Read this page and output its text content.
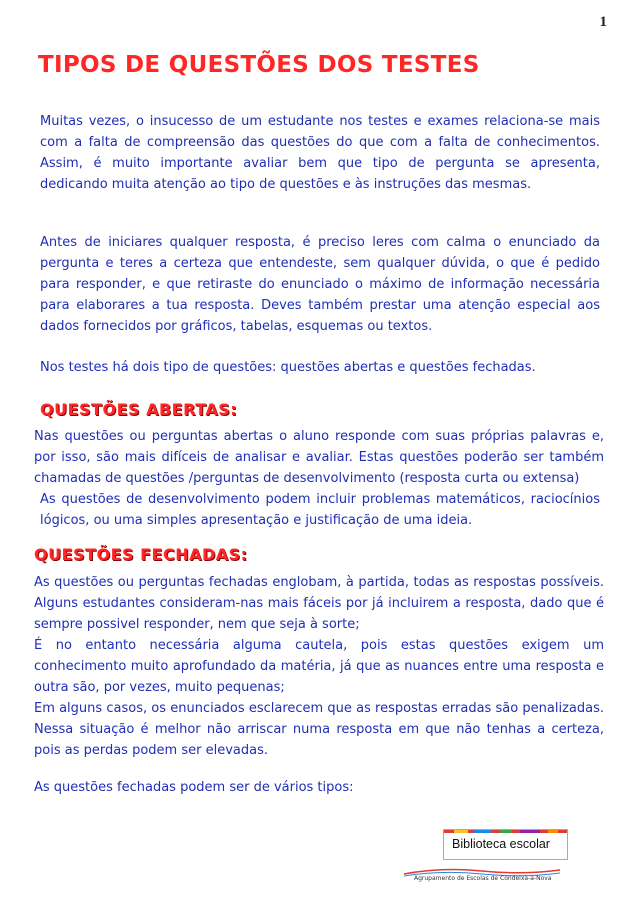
1
TIPOS DE QUESTÕES DOS TESTES

Muitas vezes, o insucesso de um estudante nos testes e exames relaciona-se mais com a falta de compreensão das questões do que com a falta de conhecimentos. Assim, é muito importante avaliar bem que tipo de pergunta se apresenta, dedicando muita atenção ao tipo de questões e às instruções das mesmas.

Antes de iniciares qualquer resposta, é preciso leres com calma o enunciado da pergunta e teres a certeza que entendeste, sem qualquer dúvida, o que é pedido para responder, e que retiraste do enunciado o máximo de informação necessária para elaborares a tua resposta. Deves também prestar uma atenção especial aos dados fornecidos por gráficos, tabelas, esquemas ou textos.

Nos testes há dois tipo de questões: questões abertas e questões fechadas.

QUESTÕES ABERTAS:

Nas questões ou perguntas abertas o aluno responde com suas próprias palavras e, por isso, são mais difíceis de analisar e avaliar. Estas questões poderão ser também chamadas de questões /perguntas de desenvolvimento (resposta curta ou extensa)

As questões de desenvolvimento podem incluir problemas matemáticos, raciocínios lógicos, ou uma simples apresentação e justificação de uma ideia.

QUESTÕES FECHADAS:

As questões ou perguntas fechadas englobam, à partida, todas as respostas possíveis. Alguns estudantes consideram-nas mais fáceis por já incluirem a resposta, dado que é sempre possivel responder, nem que seja à sorte;

É no entanto necessária alguma cautela, pois estas questões exigem um conhecimento muito aprofundado da matéria, já que as nuances entre uma resposta e outra são, por vezes, muito pequenas;

Em alguns casos, os enunciados esclarecem que as respostas erradas são penalizadas. Nessa situação é melhor não arriscar numa resposta em que não tenhas a certeza, pois as perdas podem ser elevadas.

As questões fechadas podem ser de vários tipos:

Biblioteca escolar
Agrupamento de Escolas de Condeixa-a-Nova
